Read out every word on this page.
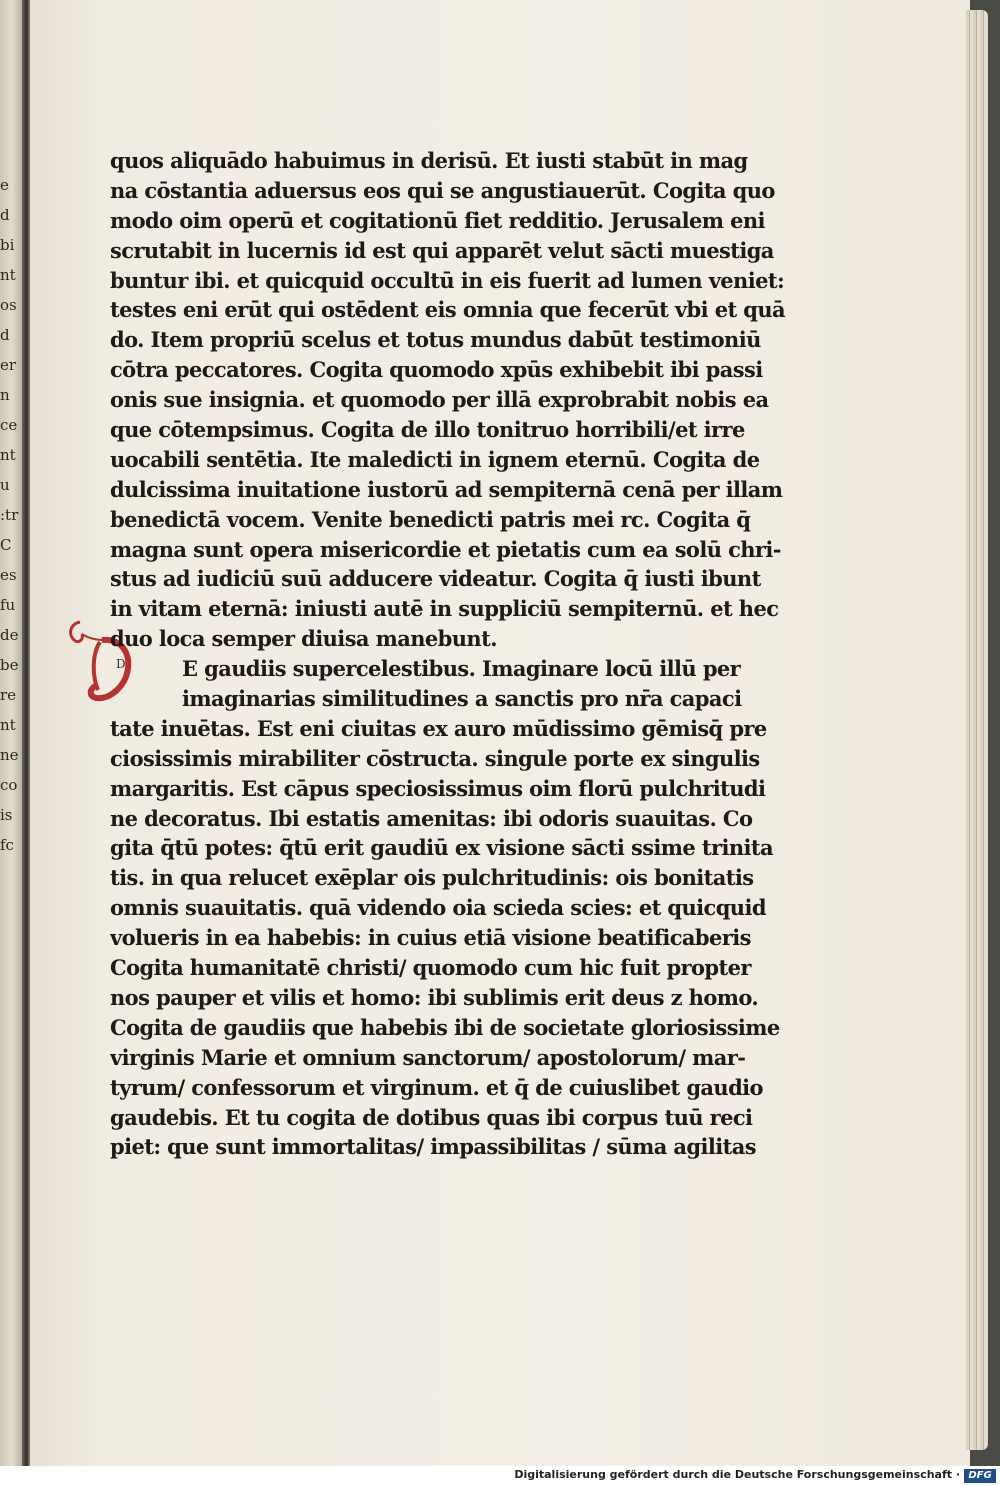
e
d
bi
nt
os
d
er
n
ce
nt
u
:tr
C
es
fu
de
be
re
nt
ne
co
is
fc
D
quos aliquādo habuimus in derisū. Et iusti stabūt in mag
na cōstantia aduersus eos qui se angustiauerūt. Cogita quo
modo oim operū et cogitationū fiet redditio. Jerusalem eni
scrutabit in lucernis id est qui apparēt velut sācti muestiga
buntur ibi. et quicquid occultū in eis fuerit ad lumen veniet:
testes eni erūt qui ostēdent eis omnia que fecerūt vbi et quā
do. Item propriū scelus et totus mundus dabūt testimoniū
cōtra peccatores. Cogita quomodo xpūs exhibebit ibi passi
onis sue insignia. et quomodo per illā exprobrabit nobis ea
que cōtempsimus. Cogita de illo tonitruo horribili/et irre
uocabili sentētia. Ite maledicti in ignem eternū. Cogita de
dulcissima inuitatione iustorū ad sempiternā cenā per illam
benedictā vocem. Venite benedicti patris mei rc. Cogita q̄
magna sunt opera misericordie et pietatis cum ea solū chri-
stus ad iudiciū suū adducere videatur. Cogita q̄ iusti ibunt
in vitam eternā: iniusti autē in suppliciū sempiternū. et hec
duo loca semper diuisa manebunt.
E gaudiis supercelestibus. Imaginare locū illū per
imaginarias similitudines a sanctis pro nr̄a capaci
tate inuētas. Est eni ciuitas ex auro mūdissimo gēmisq̄ pre
ciosissimis mirabiliter cōstructa. singule porte ex singulis
margaritis. Est cāpus speciosissimus oim florū pulchritudi
ne decoratus. Ibi estatis amenitas: ibi odoris suauitas. Co
gita q̄tū potes: q̄tū erit gaudiū ex visione sācti ssime trinita
tis. in qua relucet exēplar ois pulchritudinis: ois bonitatis
omnis suauitatis. quā videndo oia scieda scies: et quicquid
volueris in ea habebis: in cuius etiā visione beatificaberis
Cogita humanitatē christi/ quomodo cum hic fuit propter
nos pauper et vilis et homo: ibi sublimis erit deus z homo.
Cogita de gaudiis que habebis ibi de societate gloriosissime
virginis Marie et omnium sanctorum/ apostolorum/ mar-
tyrum/ confessorum et virginum. et q̄ de cuiuslibet gaudio
gaudebis. Et tu cogita de dotibus quas ibi corpus tuū reci
piet: que sunt immortalitas/ impassibilitas / sūma agilitas
Digitalisierung gefördert durch die Deutsche Forschungsgemeinschaft · DFG
